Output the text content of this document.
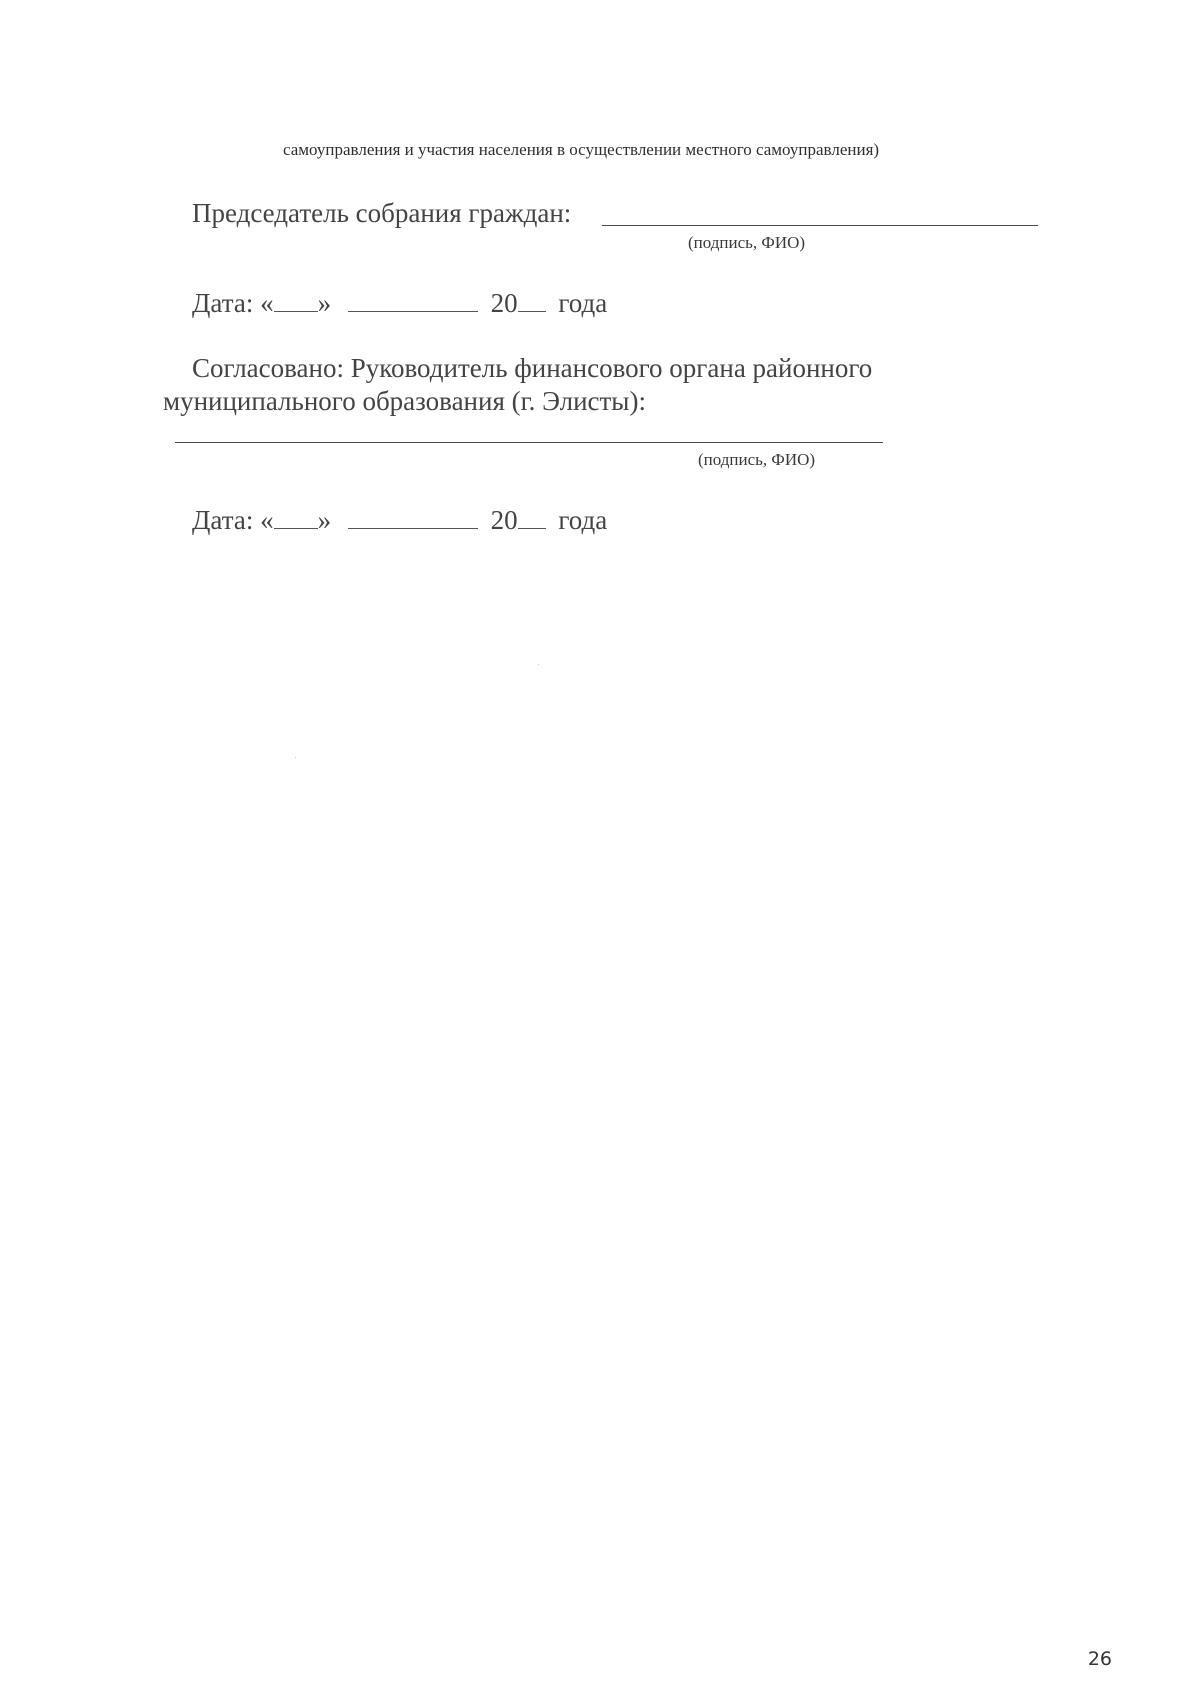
самоуправления и участия населения в осуществлении местного самоуправления)
Председатель собрания граждан:
(подпись, ФИО)
Дата: « »	20 года
Согласовано: Руководитель финансового органа районного
муниципального образования (г. Элисты):
(подпись, ФИО)
Дата: « »	20 года
26
